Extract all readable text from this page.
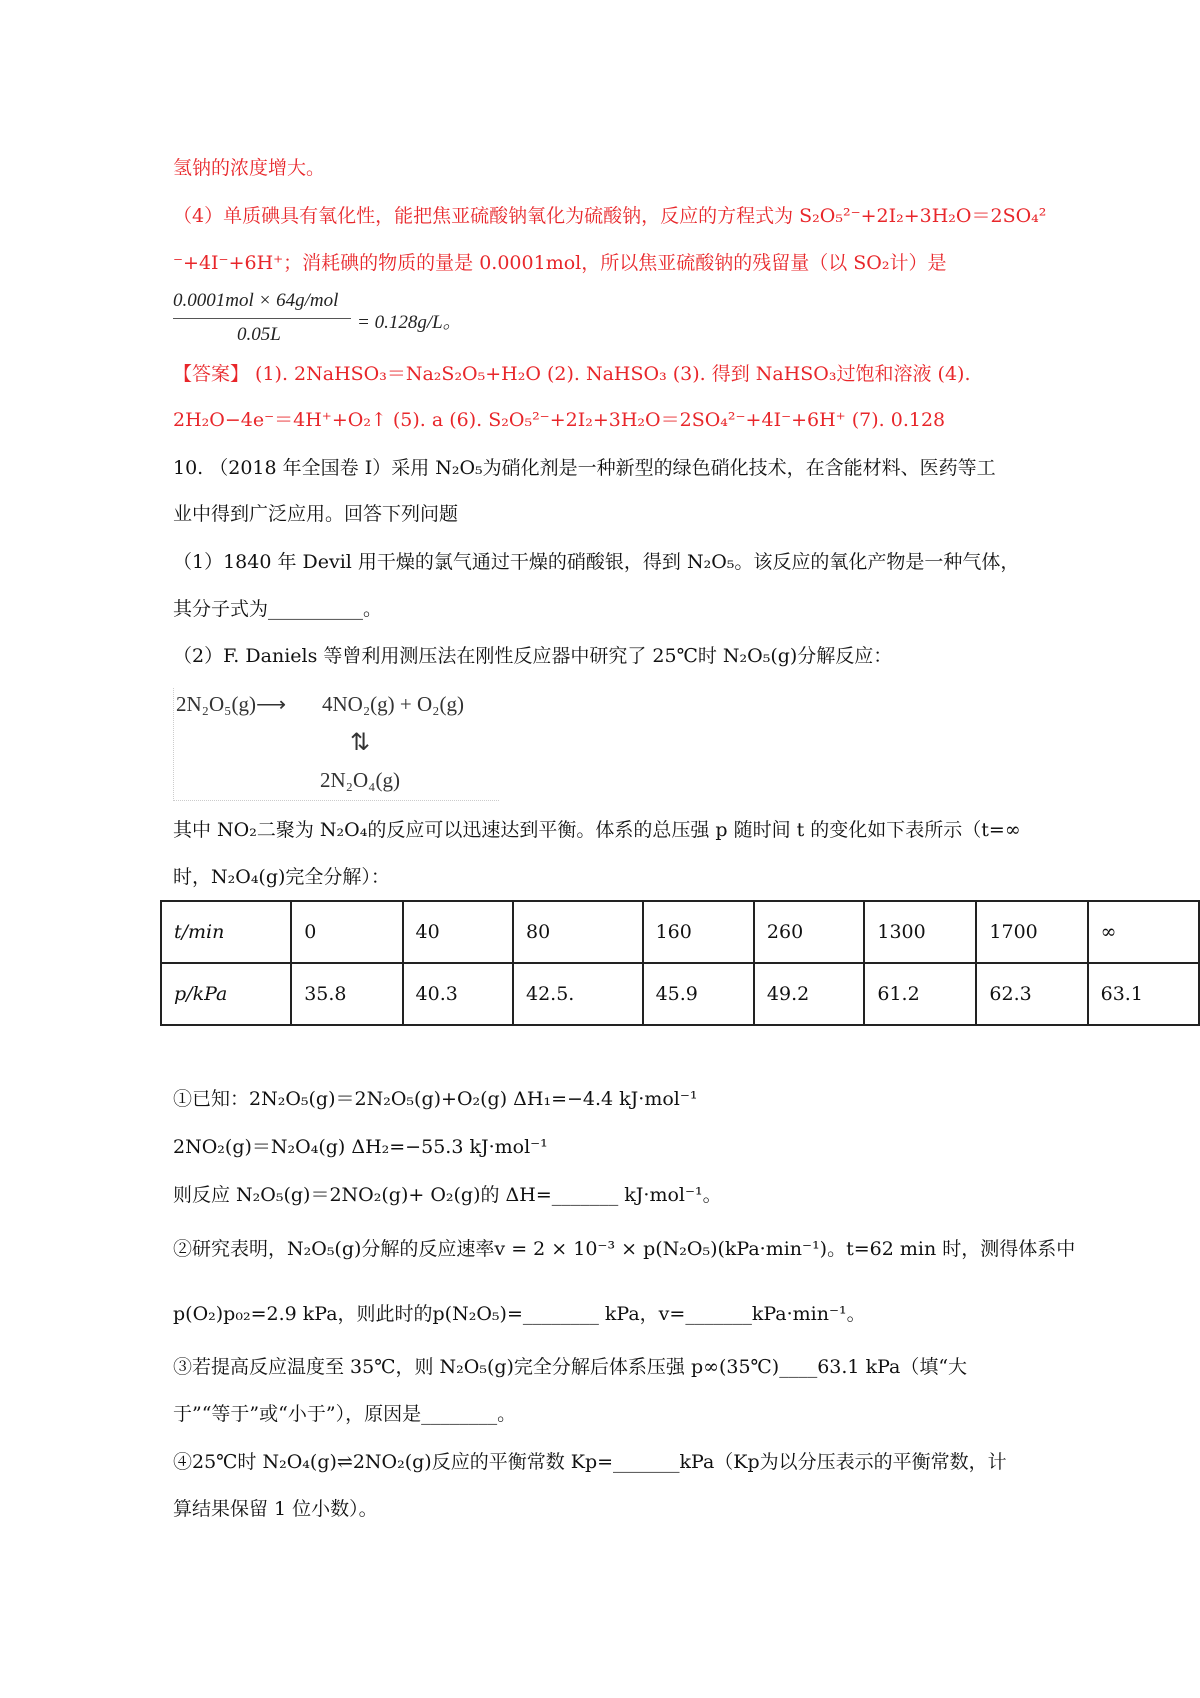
氢钠的浓度增大。
（4）单质碘具有氧化性，能把焦亚硫酸钠氧化为硫酸钠，反应的方程式为 S₂O₅²⁻+2I₂+3H₂O＝2SO₄²
⁻+4I⁻+6H⁺；消耗碘的物质的量是 0.0001mol，所以焦亚硫酸钠的残留量（以 SO₂计）是
0.0001mol × 64g/mol
0.05L
= 0.128g/L。
【答案】 (1). 2NaHSO₃＝Na₂S₂O₅+H₂O (2). NaHSO₃ (3). 得到 NaHSO₃过饱和溶液 (4).
2H₂O−4e⁻＝4H⁺+O₂↑ (5). a (6). S₂O₅²⁻+2I₂+3H₂O＝2SO₄²⁻+4I⁻+6H⁺ (7). 0.128
10. （2018 年全国卷 I）采用 N₂O₅为硝化剂是一种新型的绿色硝化技术，在含能材料、医药等工
业中得到广泛应用。回答下列问题
（1）1840 年 Devil 用干燥的氯气通过干燥的硝酸银，得到 N₂O₅。该反应的氧化产物是一种气体，
其分子式为__________。
（2）F. Daniels 等曾利用测压法在刚性反应器中研究了 25℃时 N₂O₅(g)分解反应：
2N₂O₅(g)⟶ 4NO₂(g) + O₂(g)
⇅
2N₂O₄(g)
其中 NO₂二聚为 N₂O₄的反应可以迅速达到平衡。体系的总压强 p 随时间 t 的变化如下表所示（t=∞
时，N₂O₄(g)完全分解）：
t/min	0	40	80	160	260	1300	1700	∞
p/kPa	35.8	40.3	42.5.	45.9	49.2	61.2	62.3	63.1
①已知：2N₂O₅(g)＝2N₂O₅(g)+O₂(g) ΔH₁=−4.4 kJ·mol⁻¹
2NO₂(g)＝N₂O₄(g) ΔH₂=−55.3 kJ·mol⁻¹
则反应 N₂O₅(g)＝2NO₂(g)+ O₂(g)的 ΔH=_______ kJ·mol⁻¹。
②研究表明，N₂O₅(g)分解的反应速率v = 2 × 10⁻³ × p(N₂O₅)(kPa·min⁻¹)。t=62 min 时，测得体系中
p(O₂)p₀₂=2.9 kPa，则此时的p(N₂O₅)=________ kPa，v=_______kPa·min⁻¹。
③若提高反应温度至 35℃，则 N₂O₅(g)完全分解后体系压强 p∞(35℃)____63.1 kPa（填“大
于”“等于”或“小于”），原因是________。
④25℃时 N₂O₄(g)⇌2NO₂(g)反应的平衡常数 Kp=_______kPa（Kp为以分压表示的平衡常数，计
算结果保留 1 位小数）。
